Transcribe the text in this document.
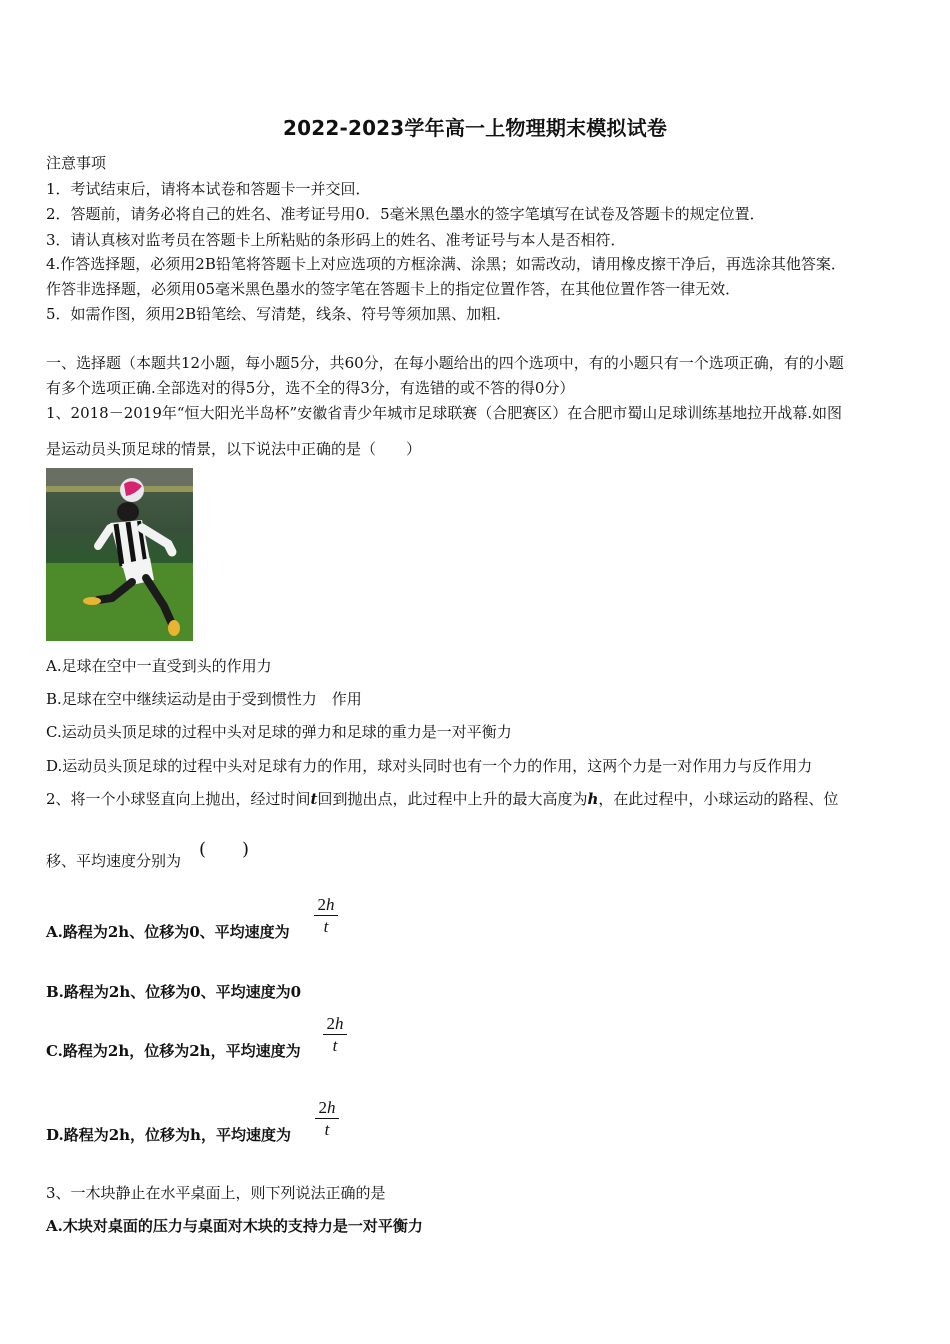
2022-2023学年高一上物理期末模拟试卷
注意事项
1．考试结束后，请将本试卷和答题卡一并交回．
2．答题前，请务必将自己的姓名、准考证号用0．5毫米黑色墨水的签字笔填写在试卷及答题卡的规定位置．
3．请认真核对监考员在答题卡上所粘贴的条形码上的姓名、准考证号与本人是否相符．
4.作答选择题，必须用2B铅笔将答题卡上对应选项的方框涂满、涂黑；如需改动，请用橡皮擦干净后，再选涂其他答案．
作答非选择题，必须用05毫米黑色墨水的签字笔在答题卡上的指定位置作答，在其他位置作答一律无效．
5．如需作图，须用2B铅笔绘、写清楚，线条、符号等须加黑、加粗．
一、选择题（本题共12小题，每小题5分，共60分，在每小题给出的四个选项中，有的小题只有一个选项正确，有的小题
有多个选项正确.全部选对的得5分，选不全的得3分，有选错的或不答的得0分）
1、2018－2019年“恒大阳光半岛杯”安徽省青少年城市足球联赛（合肥赛区）在合肥市蜀山足球训练基地拉开战幕.如图
是运动员头顶足球的情景，以下说法中正确的是（　　）
A.足球在空中一直受到头的作用力
B.足球在空中继续运动是由于受到惯性力　作用
C.运动员头顶足球的过程中头对足球的弹力和足球的重力是一对平衡力
D.运动员头顶足球的过程中头对足球有力的作用，球对头同时也有一个力的作用，这两个力是一对作用力与反作用力
2、将一个小球竖直向上抛出，经过时间t回到抛出点，此过程中上升的最大高度为h，在此过程中，小球运动的路程、位
移、平均速度分别为
(　　)
A.路程为2h、位移为0、平均速度为
2h
t
B.路程为2h、位移为0、平均速度为0
C.路程为2h，位移为2h，平均速度为
2h
t
D.路程为2h，位移为h，平均速度为
2h
t
3、一木块静止在水平桌面上，则下列说法正确的是
A.木块对桌面的压力与桌面对木块的支持力是一对平衡力
